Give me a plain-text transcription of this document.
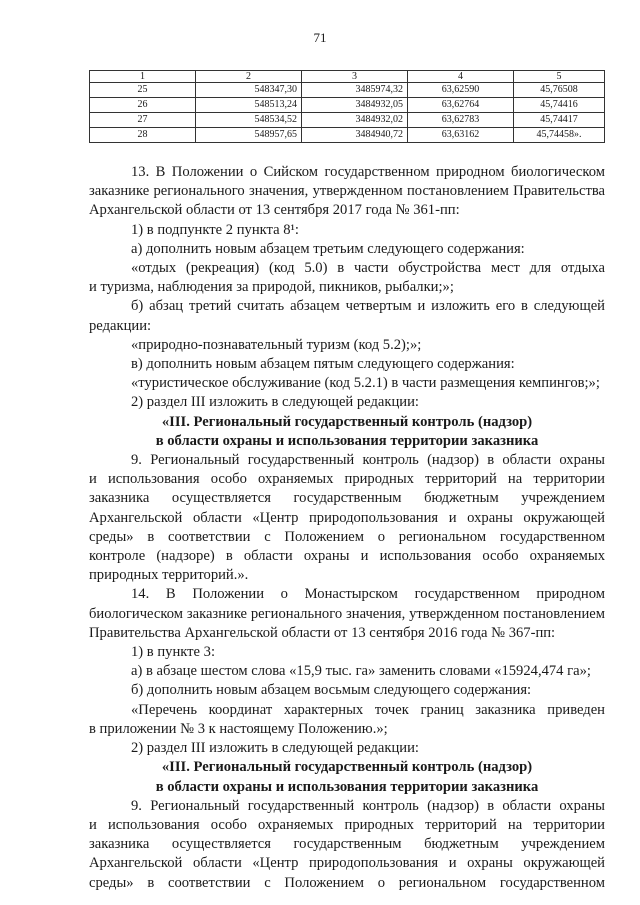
71
1	2	3	4	5
25	548347,30	3485974,32	63,62590	45,76508
26	548513,24	3484932,05	63,62764	45,74416
27	548534,52	3484932,02	63,62783	45,74417
28	548957,65	3484940,72	63,63162	45,74458».

13. В Положении о Сийском государственном природном биологическом

заказнике регионального значения, утвержденном постановлением Правительства

Архангельской области от 13 сентября 2017 года № 361-пп:

1) в подпункте 2 пункта 8¹:

а) дополнить новым абзацем третьим следующего содержания:

«отдых (рекреация) (код 5.0) в части обустройства мест для отдыха

и туризма, наблюдения за природой, пикников, рыбалки;»;

б) абзац третий считать абзацем четвертым и изложить его в следующей

редакции:

«природно-познавательный туризм (код 5.2);»;

в) дополнить новым абзацем пятым следующего содержания:

«туристическое обслуживание (код 5.2.1) в части размещения кемпингов;»;

2) раздел III изложить в следующей редакции:

«III. Региональный государственный контроль (надзор)

в области охраны и использования территории заказника

9. Региональный государственный контроль (надзор) в области охраны

и использования особо охраняемых природных территорий на территории

заказника осуществляется государственным бюджетным учреждением

Архангельской области «Центр природопользования и охраны окружающей

среды» в соответствии с Положением о региональном государственном

контроле (надзоре) в области охраны и использования особо охраняемых

природных территорий.».

14. В Положении о Монастырском государственном природном

биологическом заказнике регионального значения, утвержденном постановлением

Правительства Архангельской области от 13 сентября 2016 года № 367-пп:

1) в пункте 3:

а) в абзаце шестом слова «15,9 тыс. га» заменить словами «15924,474 га»;

б) дополнить новым абзацем восьмым следующего содержания:

«Перечень координат характерных точек границ заказника приведен

в приложении № 3 к настоящему Положению.»;

2) раздел III изложить в следующей редакции:

«III. Региональный государственный контроль (надзор)

в области охраны и использования территории заказника

9. Региональный государственный контроль (надзор) в области охраны

и использования особо охраняемых природных территорий на территории

заказника осуществляется государственным бюджетным учреждением

Архангельской области «Центр природопользования и охраны окружающей

среды» в соответствии с Положением о региональном государственном
